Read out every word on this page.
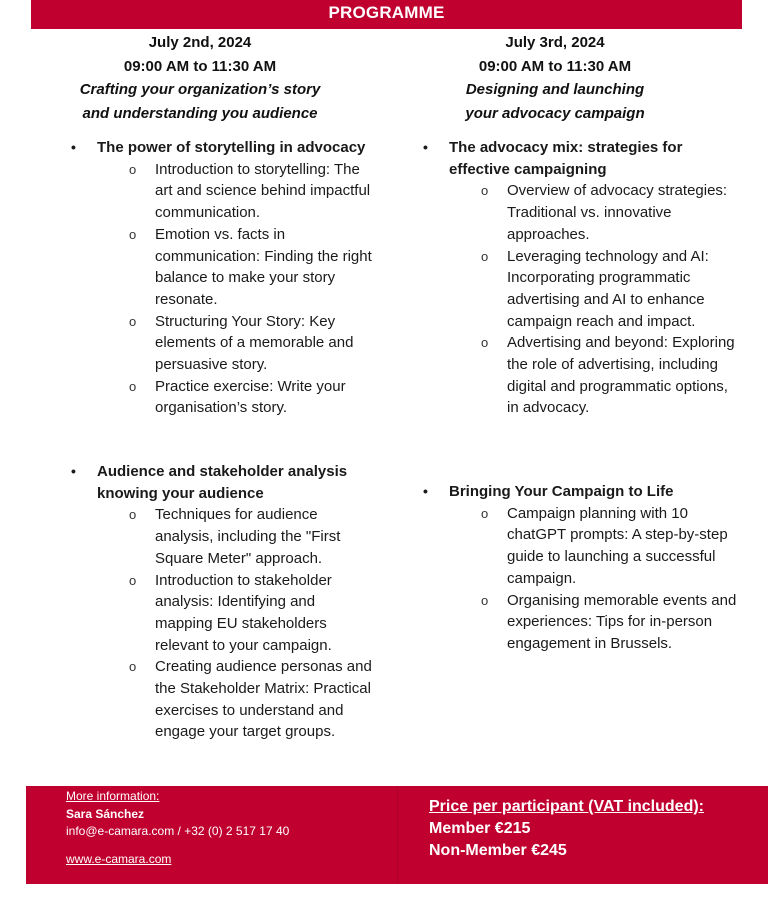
PROGRAMME
July 2nd, 2024
09:00 AM to 11:30 AM
Crafting your organization’s story
and understanding you audience
July 3rd, 2024
09:00 AM to 11:30 AM
Designing and launching
your advocacy campaign
• The power of storytelling in advocacy
o Introduction to storytelling: The art and science behind impactful communication.
o Emotion vs. facts in communication: Finding the right balance to make your story resonate.
o Structuring Your Story: Key elements of a memorable and persuasive story.
o Practice exercise: Write your organisation’s story.
• Audience and stakeholder analysis knowing your audience
o Techniques for audience analysis, including the "First Square Meter" approach.
o Introduction to stakeholder analysis: Identifying and mapping EU stakeholders relevant to your campaign.
o Creating audience personas and the Stakeholder Matrix: Practical exercises to understand and engage your target groups.
• The advocacy mix: strategies for effective campaigning
o Overview of advocacy strategies: Traditional vs. innovative approaches.
o Leveraging technology and AI: Incorporating programmatic advertising and AI to enhance campaign reach and impact.
o Advertising and beyond: Exploring the role of advertising, including digital and programmatic options, in advocacy.
• Bringing Your Campaign to Life
o Campaign planning with 10 chatGPT prompts: A step-by-step guide to launching a successful campaign.
o Organising memorable events and experiences: Tips for in-person engagement in Brussels.
More information:
Sara Sánchez
info@e-camara.com / +32 (0) 2 517 17 40
www.e-camara.com
Price per participant (VAT included):
Member €215
Non-Member €245
